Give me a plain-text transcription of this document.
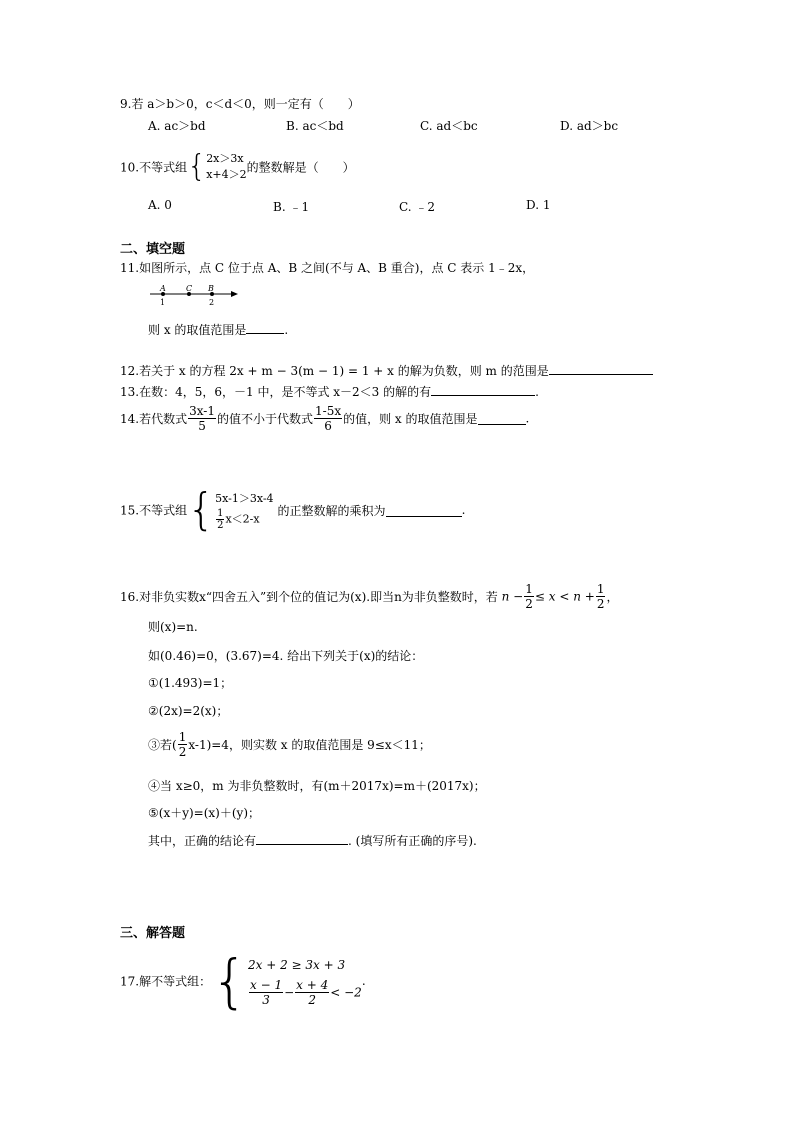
9.若 a＞b＞0，c＜d＜0，则一定有（　　）
A. ac＞bd	B. ac＜bd	C. ad＜bc	D. ad＞bc
10.不等式组{ 2x＞3x
x+4＞2 的整数解是（　　）
A. 0	B. ﹣1	C. ﹣2	D. 1
二、填空题
11.如图所示，点 C 位于点 A、B 之间(不与 A、B 重合)，点 C 表示 1﹣2x，
A	C B
1	2
则 x 的取值范围是	.
12.若关于 x 的方程 2x + m − 3(m − 1) = 1 + x 的解为负数，则 m 的范围是
13.在数：4，5，6，－1 中，是不等式 x－2＜3 的解的有	.
14.若代数式 $\frac{3x-1}{5}$ 的值不小于代数式 $\frac{1-5x}{6}$ 的值，则 x 的取值范围是	.
15.不等式组{ 5x-1＞3x-4
$\frac{1}{2} x<2-x$
的正整数解的乘积为	.
16.对非负实数x“四舍五入”到个位的值记为(x).即当n为非负整数时，若 $n - \frac{1}{2} \le x < n + \frac{1}{2}$ ，
则(x)=n.
如(0.46)=0，(3.67)=4. 给出下列关于(x)的结论：
①(1.493)=1；
②(2x)=2(x)；
③若( $\frac{1}{2} x-1)=4$，则实数 x 的取值范围是 9≤x＜11；
④当 x≥0，m 为非负整数时，有(m＋2017x)=m＋(2017x)；
⑤(x＋y)=(x)＋(y)；
其中，正确的结论有	. (填写所有正确的序号).
三、解答题
17.解不等式组：{ 2x + 2 ≥ 3x + 3
$\frac{x - 1}{3} - \frac{x + 4}{2} < -2$
.
